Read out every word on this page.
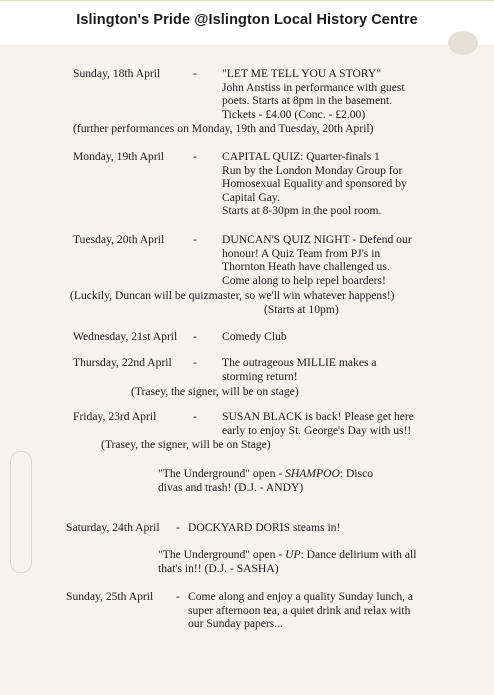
Islington's Pride @Islington Local History Centre
Sunday, 18th April	- "LET ME TELL YOU A STORY"
John Anstiss in performance with guest
poets. Starts at 8pm in the basement.
Tickets - £4.00 (Conc. - £2.00)
(further performances on Monday, 19th and Tuesday, 20th April)
Monday, 19th April - CAPITAL QUIZ: Quarter-finals 1
Run by the London Monday Group for
Homosexual Equality and sponsored by
Capital Gay.
Starts at 8-30pm in the pool room.
Tuesday, 20th April - DUNCAN'S QUIZ NIGHT - Defend our
honour! A Quiz Team from PJ's in
Thornton Heath have challenged us.
Come along to help repel boarders!
(Luckily, Duncan will be quizmaster, so we'll win whatever happens!)
(Starts at 10pm)
Wednesday, 21st April - Comedy Club
Thursday, 22nd April - The outrageous MILLIE makes a
storming return!
(Trasey, the signer, will be on stage)
Friday, 23rd April	- SUSAN BLACK is back! Please get here
early to enjoy St. George's Day with us!!
(Trasey, the signer, will be on Stage)
"The Underground" open - SHAMPOO: Disco
divas and trash! (D.J. - ANDY)
Saturday, 24th April - DOCKYARD DORIS steams in!
"The Underground" open - UP: Dance delirium with all
that's in!! (D.J. - SASHA)
Sunday, 25th April - Come along and enjoy a quality Sunday lunch, a
super afternoon tea, a quiet drink and relax with
our Sunday papers...
